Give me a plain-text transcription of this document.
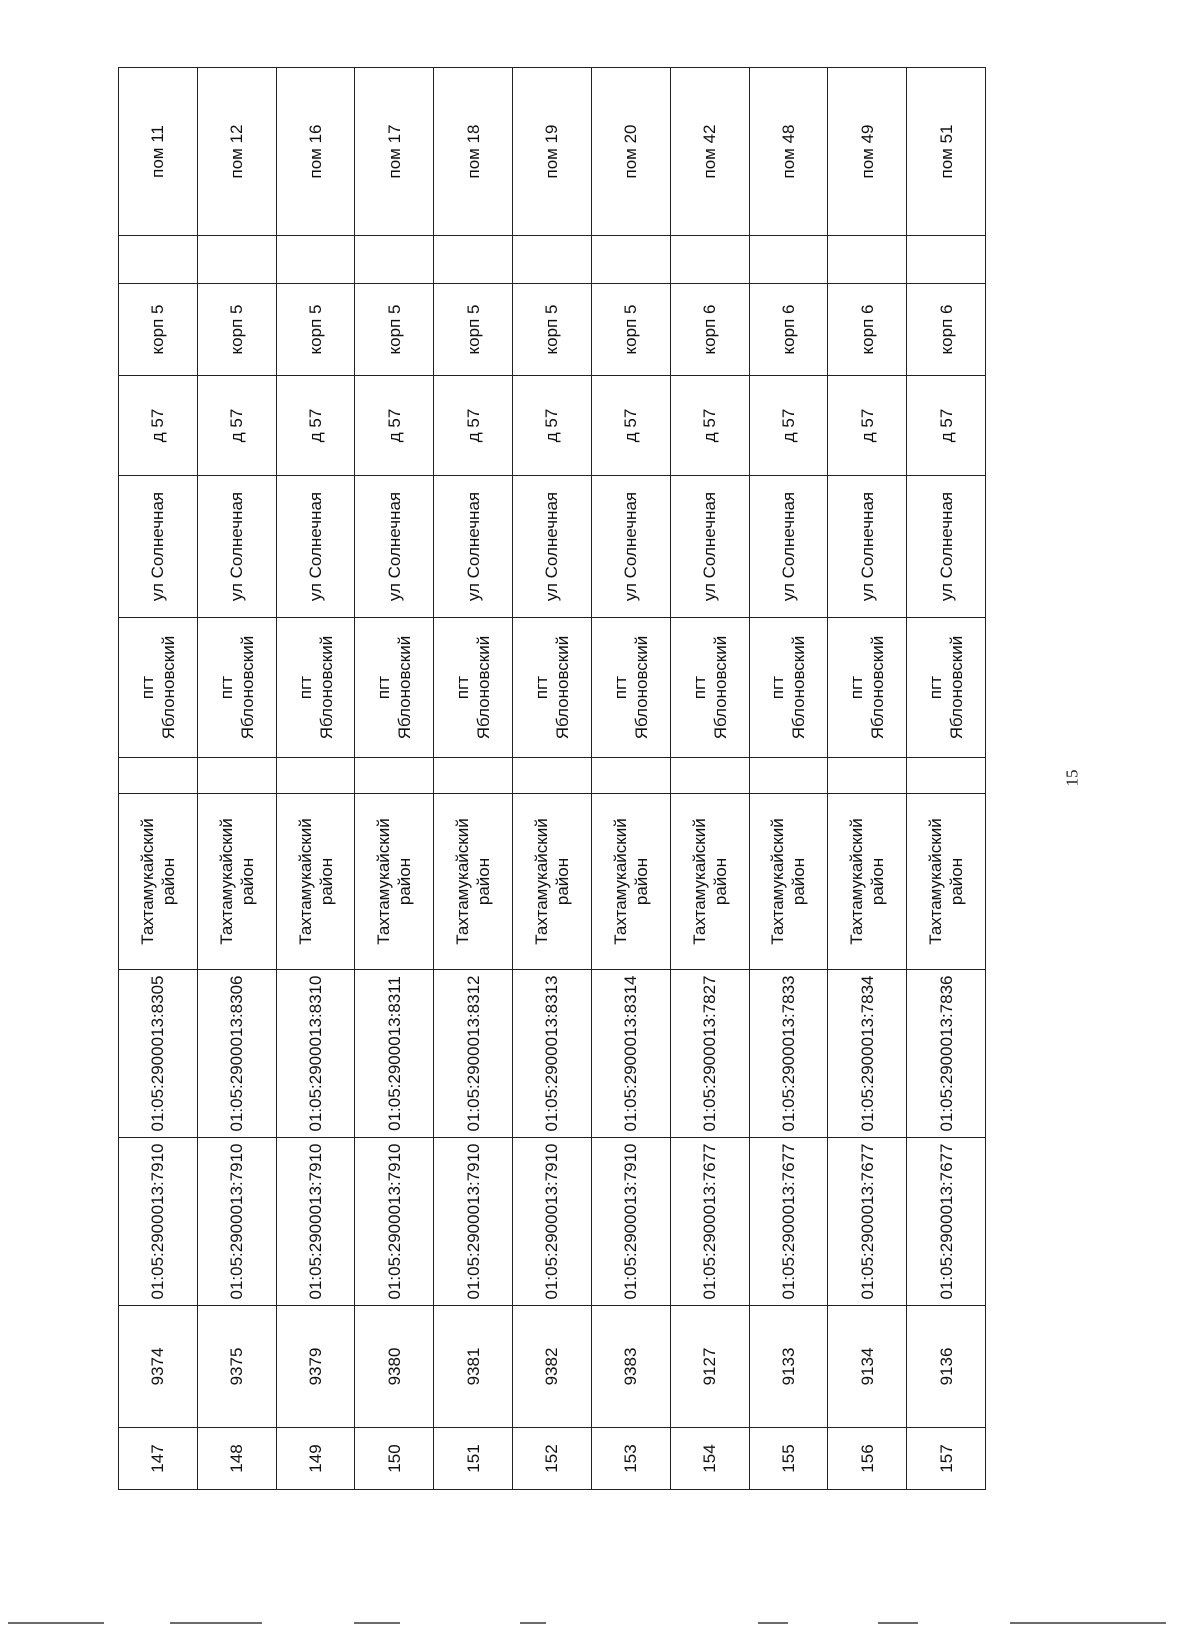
147	9374	01:05:2900013:7910	01:05:2900013:8305	Тахтамукайский район		пгт Яблоновский	ул Солнечная	д 57	корп 5		пом 11
148	9375	01:05:2900013:7910	01:05:2900013:8306	Тахтамукайский район		пгт Яблоновский	ул Солнечная	д 57	корп 5		пом 12
149	9379	01:05:2900013:7910	01:05:2900013:8310	Тахтамукайский район		пгт Яблоновский	ул Солнечная	д 57	корп 5		пом 16
150	9380	01:05:2900013:7910	01:05:2900013:8311	Тахтамукайский район		пгт Яблоновский	ул Солнечная	д 57	корп 5		пом 17
151	9381	01:05:2900013:7910	01:05:2900013:8312	Тахтамукайский район		пгт Яблоновский	ул Солнечная	д 57	корп 5		пом 18
152	9382	01:05:2900013:7910	01:05:2900013:8313	Тахтамукайский район		пгт Яблоновский	ул Солнечная	д 57	корп 5		пом 19
153	9383	01:05:2900013:7910	01:05:2900013:8314	Тахтамукайский район		пгт Яблоновский	ул Солнечная	д 57	корп 5		пом 20
154	9127	01:05:2900013:7677	01:05:2900013:7827	Тахтамукайский район		пгт Яблоновский	ул Солнечная	д 57	корп 6		пом 42
155	9133	01:05:2900013:7677	01:05:2900013:7833	Тахтамукайский район		пгт Яблоновский	ул Солнечная	д 57	корп 6		пом 48
156	9134	01:05:2900013:7677	01:05:2900013:7834	Тахтамукайский район		пгт Яблоновский	ул Солнечная	д 57	корп 6		пом 49
157	9136	01:05:2900013:7677	01:05:2900013:7836	Тахтамукайский район		пгт Яблоновский	ул Солнечная	д 57	корп 6		пом 51
15
